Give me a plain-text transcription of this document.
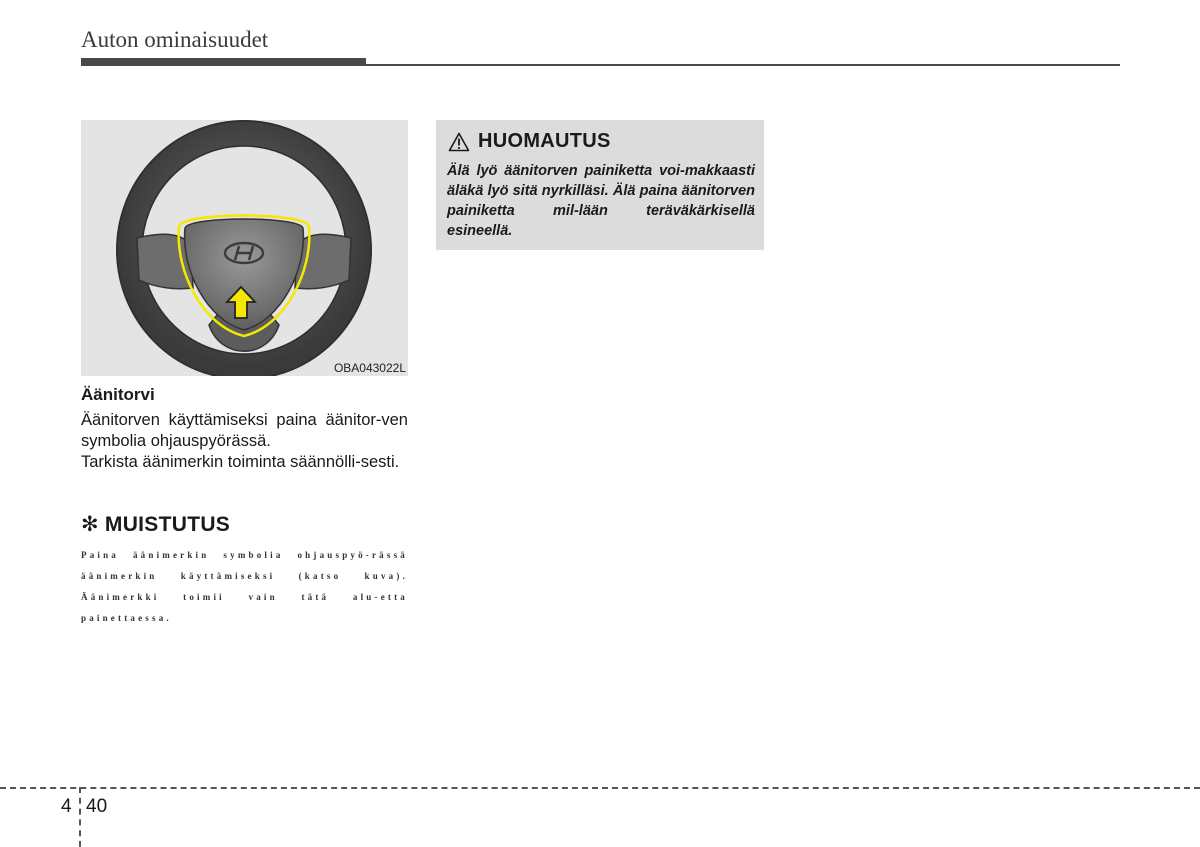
Auton ominaisuudet
OBA043022L
Äänitorvi
Äänitorven käyttämiseksi paina äänitor-ven symbolia ohjauspyörässä.
Tarkista äänimerkin toiminta säännölli-sesti.
✻ MUISTUTUS
Paina äänimerkin symbolia ohjauspyö-rässä äänimerkin käyttämiseksi (katso kuva). Äänimerkki toimii vain tätä alu-etta painettaessa.
HUOMAUTUS
Älä lyö äänitorven painiketta voi-makkaasti äläkä lyö sitä nyrkilläsi. Älä paina äänitorven painiketta mil-lään teräväkärkisellä esineellä.
4 40
